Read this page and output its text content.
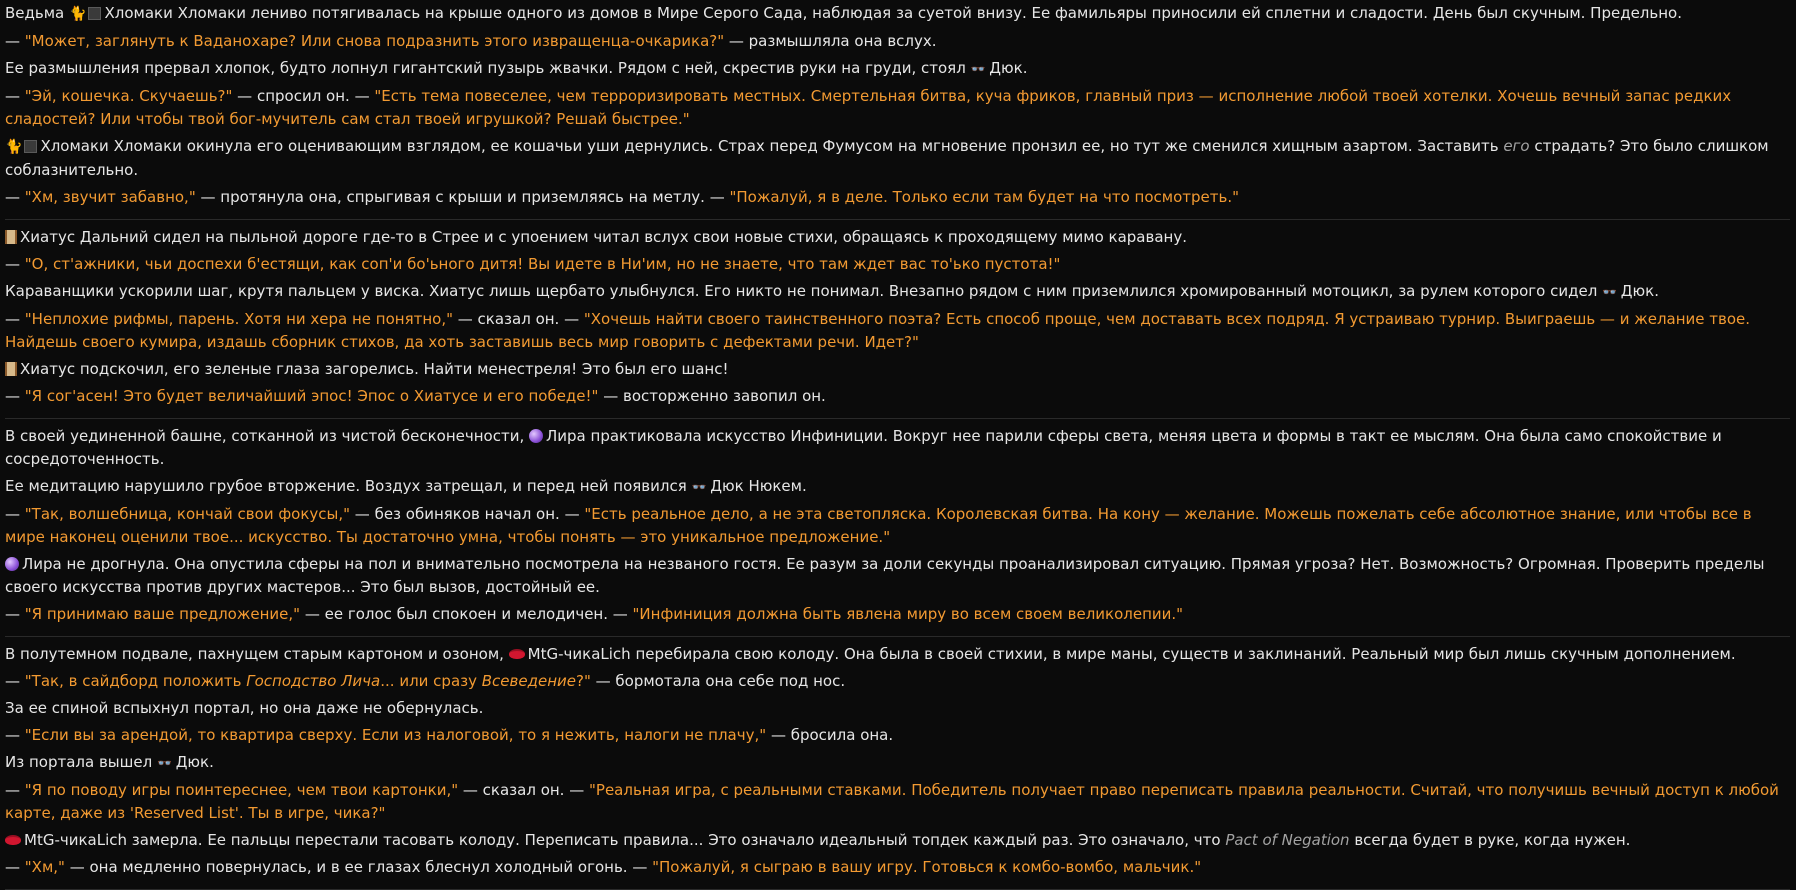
Ведьма 🐈 Хломаки Хломаки лениво потягивалась на крыше одного из домов в Мире Серого Сада, наблюдая за суетой внизу. Ее фамильяры приносили ей сплетни и сладости. День был скучным. Предельно.

— "Может, заглянуть к Ваданохаре? Или снова подразнить этого извращенца-очкарика?" — размышляла она вслух.

Ее размышления прервал хлопок, будто лопнул гигантский пузырь жвачки. Рядом с ней, скрестив руки на груди, стоял 👓 Дюк.

— "Эй, кошечка. Скучаешь?" — спросил он. — "Есть тема повеселее, чем терроризировать местных. Смертельная битва, куча фриков, главный приз — исполнение любой твоей хотелки. Хочешь вечный запас редких сладостей? Или чтобы твой бог-мучитель сам стал твоей игрушкой? Решай быстрее."

🐈 Хломаки Хломаки окинула его оценивающим взглядом, ее кошачьи уши дернулись. Страх перед Фумусом на мгновение пронзил ее, но тут же сменился хищным азартом. Заставить его страдать? Это было слишком соблазнительно.

— "Хм, звучит забавно," — протянула она, спрыгивая с крыши и приземляясь на метлу. — "Пожалуй, я в деле. Только если там будет на что посмотреть."

Хиатус Дальний сидел на пыльной дороге где-то в Стрее и с упоением читал вслух свои новые стихи, обращаясь к проходящему мимо каравану.

— "О, ст'ажники, чьи доспехи б'естящи, как соп'и бо'ьного дитя! Вы идете в Ни'им, но не знаете, что там ждет вас то'ько пустота!"

Караванщики ускорили шаг, крутя пальцем у виска. Хиатус лишь щербато улыбнулся. Его никто не понимал. Внезапно рядом с ним приземлился хромированный мотоцикл, за рулем которого сидел 👓 Дюк.

— "Неплохие рифмы, парень. Хотя ни хера не понятно," — сказал он. — "Хочешь найти своего таинственного поэта? Есть способ проще, чем доставать всех подряд. Я устраиваю турнир. Выиграешь — и желание твое. Найдешь своего кумира, издашь сборник стихов, да хоть заставишь весь мир говорить с дефектами речи. Идет?"

Хиатус подскочил, его зеленые глаза загорелись. Найти менестреля! Это был его шанс!

— "Я сог'асен! Это будет величайший эпос! Эпос о Хиатусе и его победе!" — восторженно завопил он.

В своей уединенной башне, сотканной из чистой бесконечности, Лира практиковала искусство Инфиниции. Вокруг нее парили сферы света, меняя цвета и формы в такт ее мыслям. Она была само спокойствие и сосредоточенность.

Ее медитацию нарушило грубое вторжение. Воздух затрещал, и перед ней появился 👓 Дюк Нюкем.

— "Так, волшебница, кончай свои фокусы," — без обиняков начал он. — "Есть реальное дело, а не эта светопляска. Королевская битва. На кону — желание. Можешь пожелать себе абсолютное знание, или чтобы все в мире наконец оценили твое... искусство. Ты достаточно умна, чтобы понять — это уникальное предложение."

Лира не дрогнула. Она опустила сферы на пол и внимательно посмотрела на незваного гостя. Ее разум за доли секунды проанализировал ситуацию. Прямая угроза? Нет. Возможность? Огромная. Проверить пределы своего искусства против других мастеров... Это был вызов, достойный ее.

— "Я принимаю ваше предложение," — ее голос был спокоен и мелодичен. — "Инфиниция должна быть явлена миру во всем своем великолепии."

В полутемном подвале, пахнущем старым картоном и озоном, MtG-чикаLich перебирала свою колоду. Она была в своей стихии, в мире маны, существ и заклинаний. Реальный мир был лишь скучным дополнением.

— "Так, в сайдборд положить Господство Лича... или сразу Всеведение?" — бормотала она себе под нос.

За ее спиной вспыхнул портал, но она даже не обернулась.

— "Если вы за арендой, то квартира сверху. Если из налоговой, то я нежить, налоги не плачу," — бросила она.

Из портала вышел 👓 Дюк.

— "Я по поводу игры поинтереснее, чем твои картонки," — сказал он. — "Реальная игра, с реальными ставками. Победитель получает право переписать правила реальности. Считай, что получишь вечный доступ к любой карте, даже из 'Reserved List'. Ты в игре, чика?"

MtG-чикаLich замерла. Ее пальцы перестали тасовать колоду. Переписать правила... Это означало идеальный топдек каждый раз. Это означало, что Pact of Negation всегда будет в руке, когда нужен.

— "Хм," — она медленно повернулась, и в ее глазах блеснул холодный огонь. — "Пожалуй, я сыграю в вашу игру. Готовься к комбо-вомбо, мальчик."
